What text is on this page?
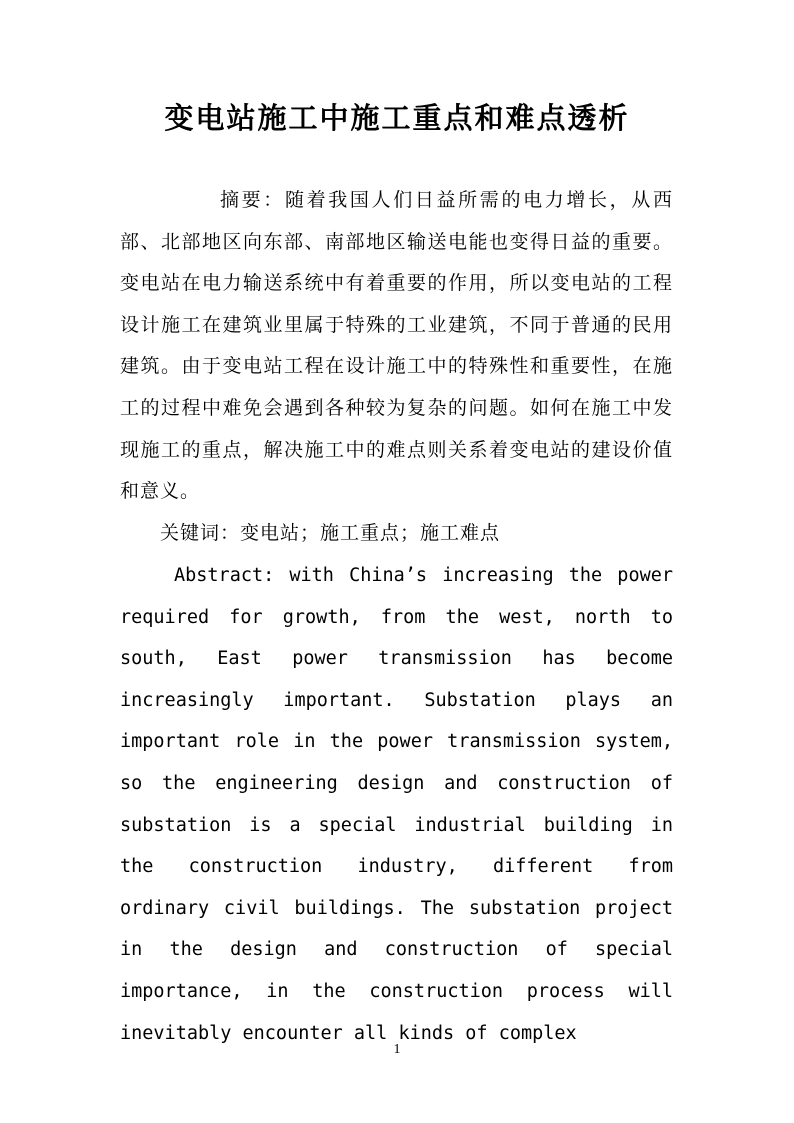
变电站施工中施工重点和难点透析

摘要：随着我国人们日益所需的电力增长，从西部、北部地区向东部、南部地区输送电能也变得日益的重要。变电站在电力输送系统中有着重要的作用，所以变电站的工程设计施工在建筑业里属于特殊的工业建筑，不同于普通的民用建筑。由于变电站工程在设计施工中的特殊性和重要性，在施工的过程中难免会遇到各种较为复杂的问题。如何在施工中发现施工的重点，解决施工中的难点则关系着变电站的建设价值和意义。

关键词：变电站；施工重点；施工难点

Abstract: with China’s increasing the power required for growth, from the west, north to south, East power transmission has become increasingly important. Substation plays an important role in the power transmission system, so the engineering design and construction of substation is a special industrial building in the construction industry, different from ordinary civil buildings. The substation project in the design and construction of special importance, in the construction process will inevitably encounter all kinds of complex

1
